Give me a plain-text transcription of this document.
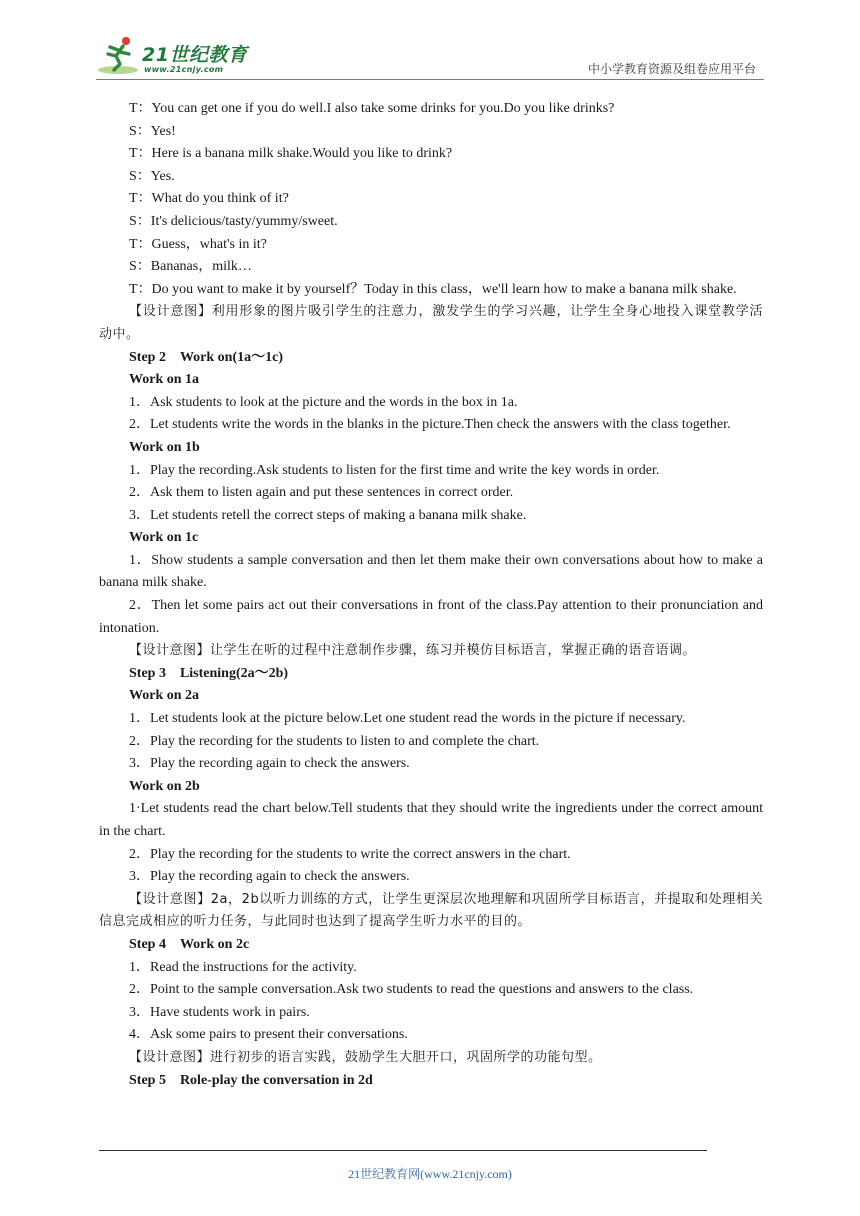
21世纪教育
www.21cnjy.com	中小学教育资源及组卷应用平台

T：You can get one if you do well.I also take some drinks for you.Do you like drinks?

S：Yes!

T：Here is a banana milk shake.Would you like to drink?

S：Yes.

T：What do you think of it?

S：It's delicious/tasty/yummy/sweet.

T：Guess，what's in it?

S：Bananas，milk…

T：Do you want to make it by yourself？Today in this class，we'll learn how to make a banana milk shake.

【设计意图】利用形象的图片吸引学生的注意力，激发学生的学习兴趣，让学生全身心地投入课堂教学活动中。

Step 2　Work on(1a～1c)

Work on 1a

1．Ask students to look at the picture and the words in the box in 1a.

2．Let students write the words in the blanks in the picture.Then check the answers with the class together.

Work on 1b

1．Play the recording.Ask students to listen for the first time and write the key words in order.

2．Ask them to listen again and put these sentences in correct order.

3．Let students retell the correct steps of making a banana milk shake.

Work on 1c

1．Show students a sample conversation and then let them make their own conversations about how to make a banana milk shake.

2．Then let some pairs act out their conversations in front of the class.Pay attention to their pronunciation and intonation.

【设计意图】让学生在听的过程中注意制作步骤，练习并模仿目标语言，掌握正确的语音语调。

Step 3　Listening(2a～2b)

Work on 2a

1．Let students look at the picture below.Let one student read the words in the picture if necessary.

2．Play the recording for the students to listen to and complete the chart.

3．Play the recording again to check the answers.

Work on 2b

1·Let students read the chart below.Tell students that they should write the ingredients under the correct amount in the chart.

2．Play the recording for the students to write the correct answers in the chart.

3．Play the recording again to check the answers.

【设计意图】2a，2b以听力训练的方式，让学生更深层次地理解和巩固所学目标语言，并提取和处理相关信息完成相应的听力任务，与此同时也达到了提高学生听力水平的目的。

Step 4　Work on 2c

1．Read the instructions for the activity.

2．Point to the sample conversation.Ask two students to read the questions and answers to the class.

3．Have students work in pairs.

4．Ask some pairs to present their conversations.

【设计意图】进行初步的语言实践，鼓励学生大胆开口，巩固所学的功能句型。

Step 5　Role-play the conversation in 2d

21世纪教育网(www.21cnjy.com)
